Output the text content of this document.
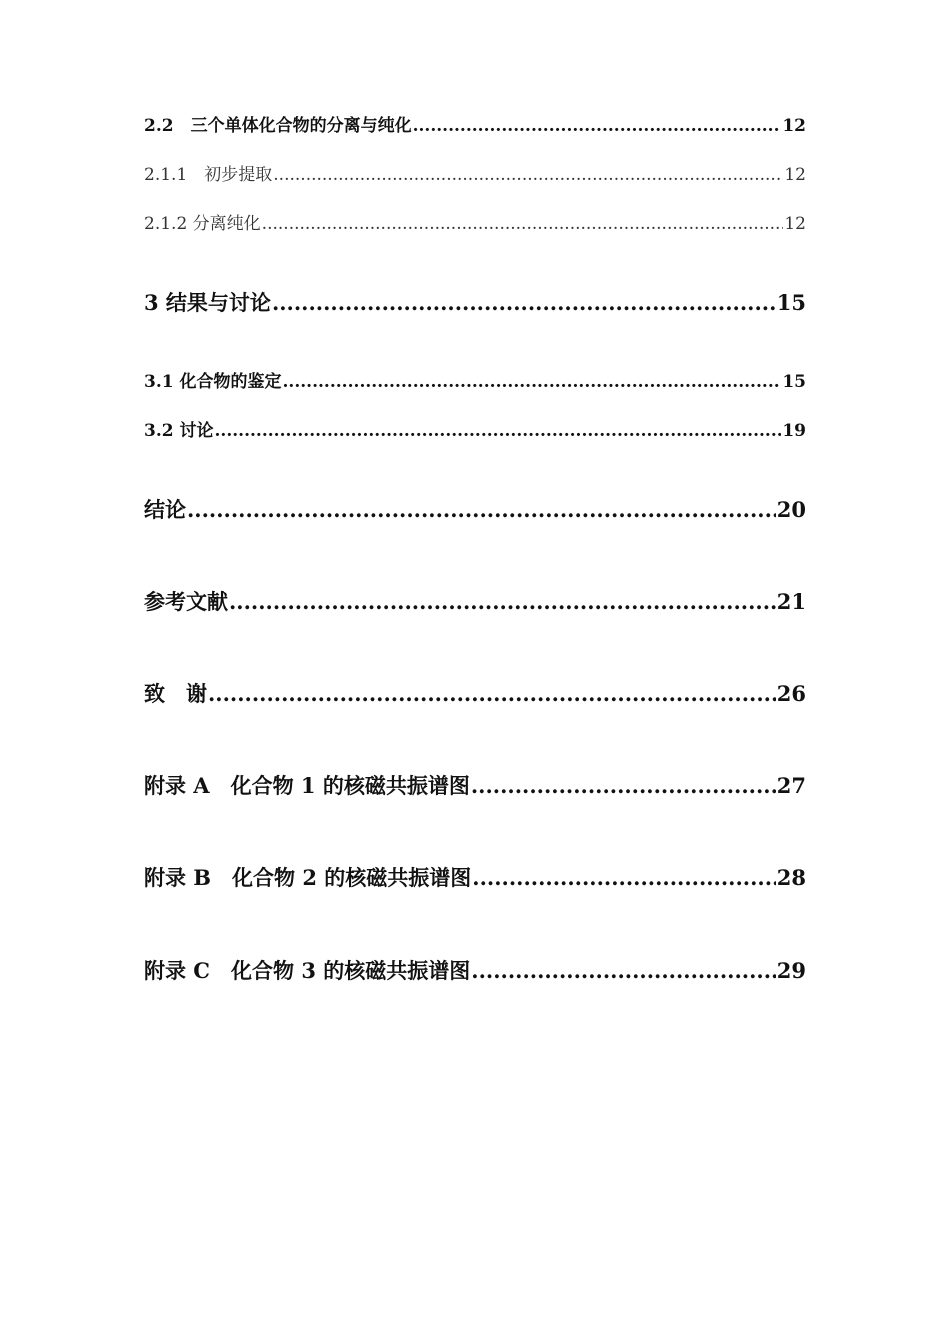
2.2　三个单体化合物的分离与纯化 .....	12
2.1.1　初步提取 .....	12
2.1.2 分离纯化 .....	12
3 结果与讨论 .....	15
3.1 化合物的鉴定 .....	15
3.2 讨论 .....	19
结论 .....	20
参考文献 .....	21
致　谢 .....	26
附录 A　化合物 1 的核磁共振谱图 .....	27
附录 B　化合物 2 的核磁共振谱图 .....	28
附录 C　化合物 3 的核磁共振谱图 .....	29
